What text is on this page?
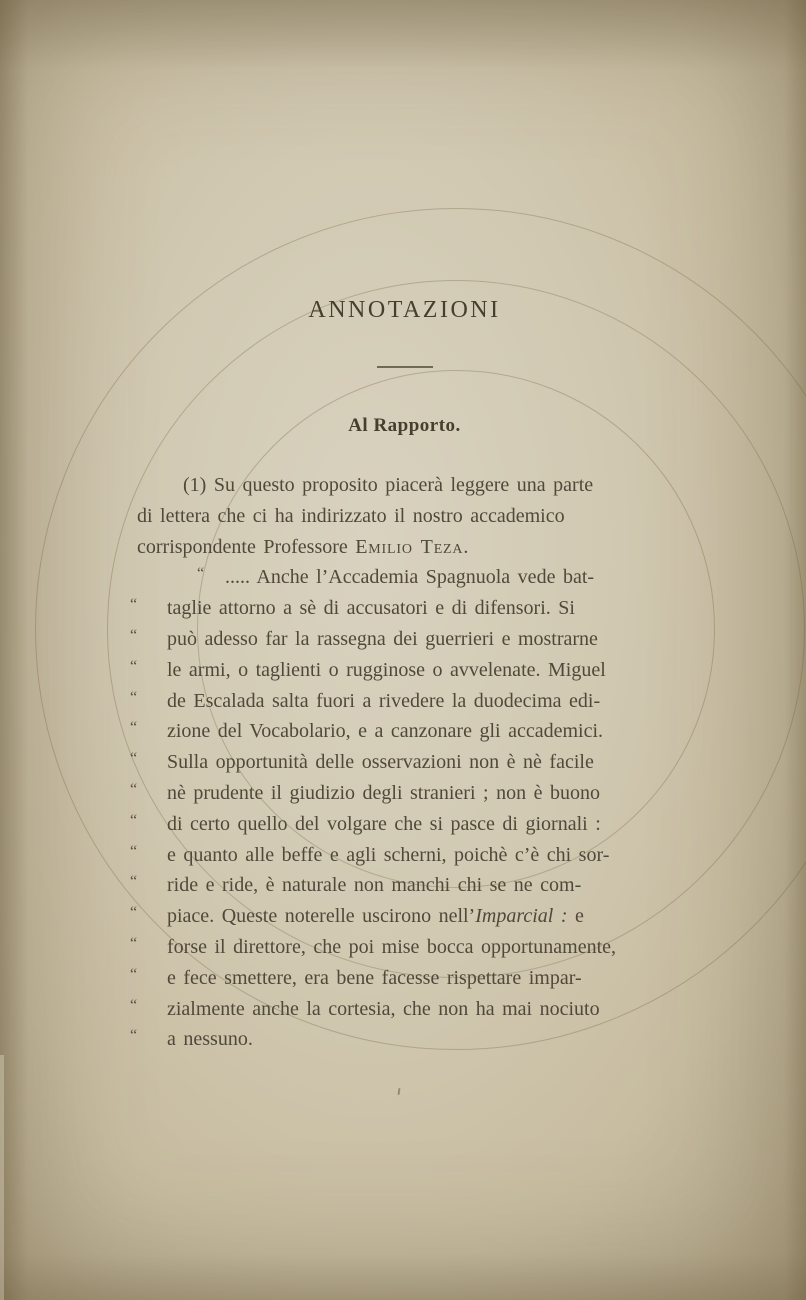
ANNOTAZIONI
Al Rapporto.
(1) Su questo proposito piacerà leggere una parte
di lettera che ci ha indirizzato il nostro accademico
corrispondente Professore Emilio Teza.
“ ..... Anche l’Accademia Spagnuola vede bat-
“ taglie attorno a sè di accusatori e di difensori. Si
“ può adesso far la rassegna dei guerrieri e mostrarne
“ le armi, o taglienti o rugginose o avvelenate. Miguel
“ de Escalada salta fuori a rivedere la duodecima edi-
“ zione del Vocabolario, e a canzonare gli accademici.
“ Sulla opportunità delle osservazioni non è nè facile
“ nè prudente il giudizio degli stranieri ; non è buono
“ di certo quello del volgare che si pasce di giornali :
“ e quanto alle beffe e agli scherni, poichè c’è chi sor-
“ ride e ride, è naturale non manchi chi se ne com-
“ piace. Queste noterelle uscirono nell’Imparcial : e
“ forse il direttore, che poi mise bocca opportunamente,
“ e fece smettere, era bene facesse rispettare impar-
“ zialmente anche la cortesia, che non ha mai nociuto
“ a nessuno.
